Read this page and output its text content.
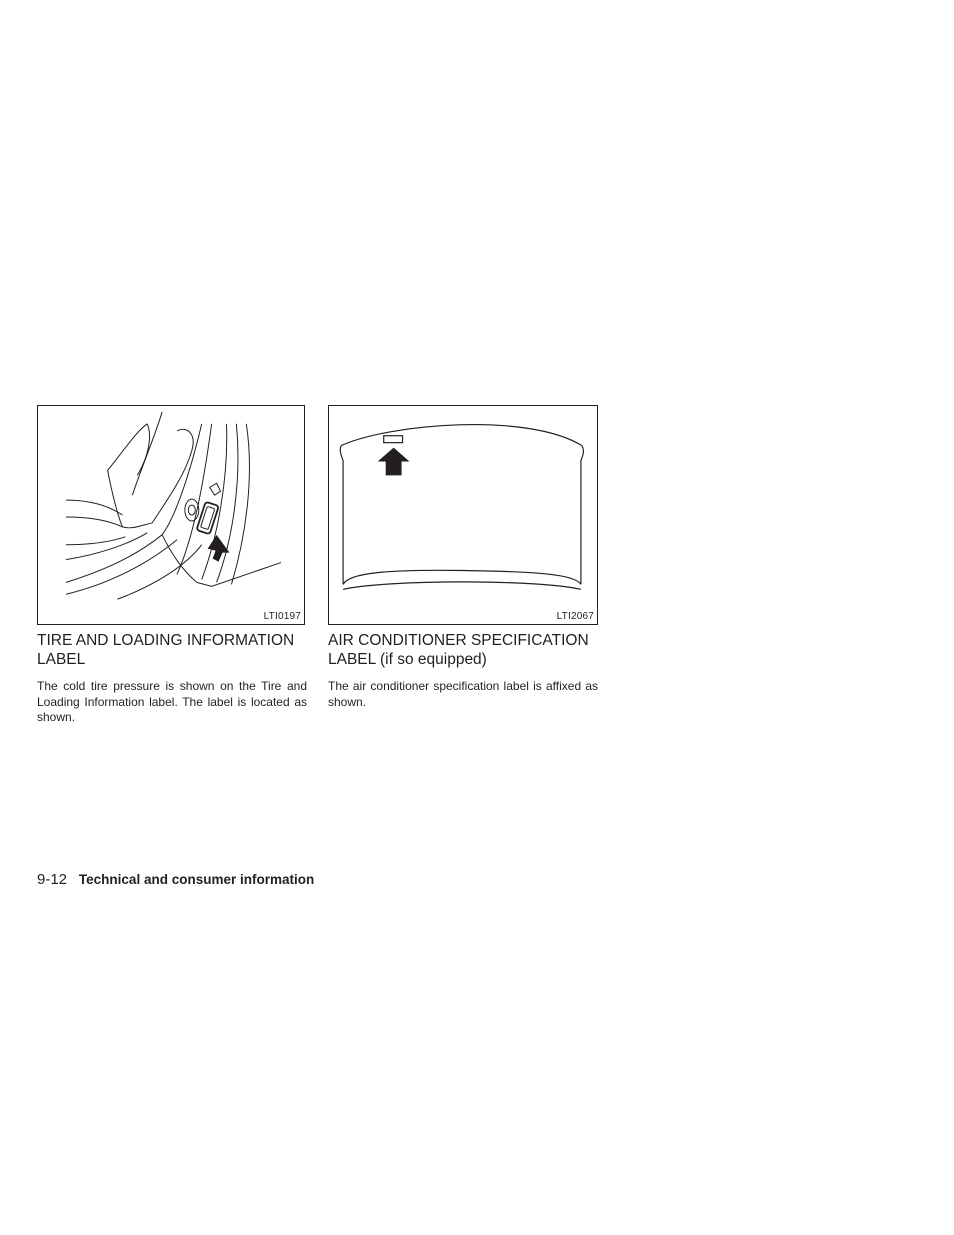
LTI0197	LTI2067
TIRE AND LOADING INFORMATION LABEL

The cold tire pressure is shown on the Tire and Loading Information label. The label is located as shown.

AIR CONDITIONER SPECIFICATION LABEL (if so equipped)

The air conditioner specification label is affixed as shown.

9-12 Technical and consumer information
